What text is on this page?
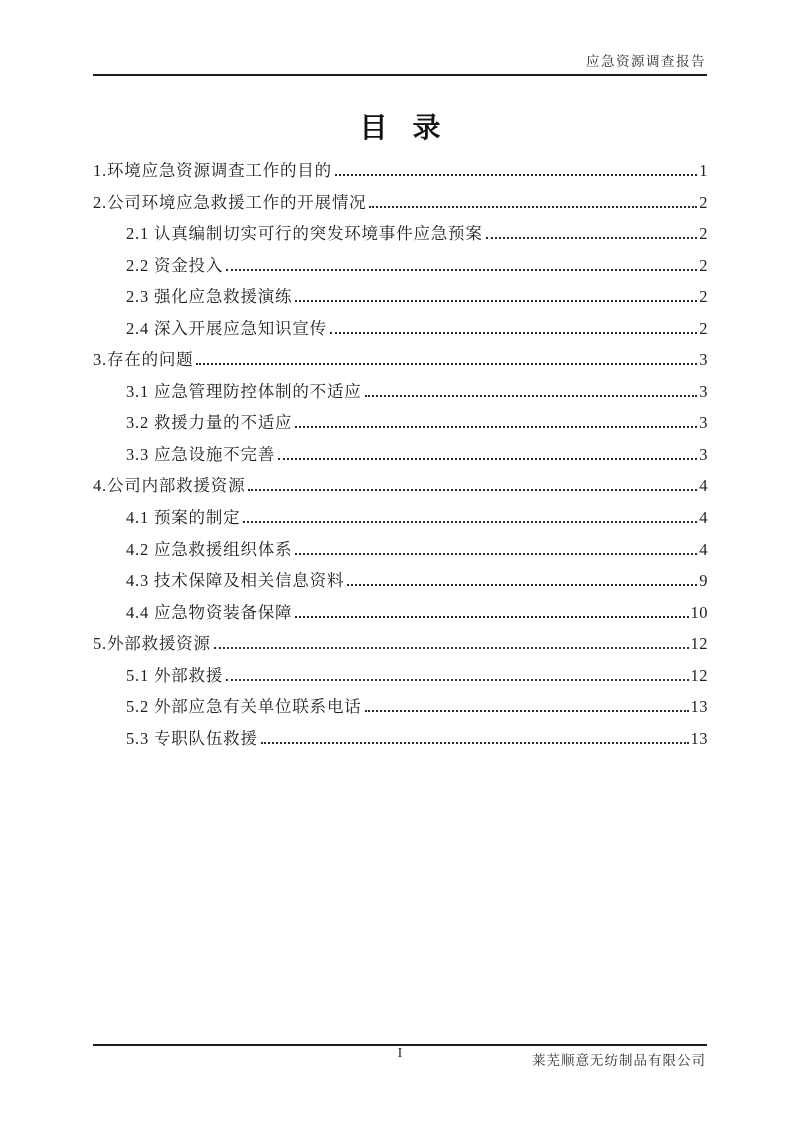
应急资源调查报告
目 录
1.环境应急资源调查工作的目的	1
2.公司环境应急救援工作的开展情况	2
2.1 认真编制切实可行的突发环境事件应急预案	2
2.2 资金投入	2
2.3 强化应急救援演练	2
2.4 深入开展应急知识宣传	2
3.存在的问题	3
3.1 应急管理防控体制的不适应	3
3.2 救援力量的不适应	3
3.3 应急设施不完善	3
4.公司内部救援资源	4
4.1 预案的制定	4
4.2 应急救援组织体系	4
4.3 技术保障及相关信息资料	9
4.4 应急物资装备保障	10
5.外部救援资源	12
5.1 外部救援	12
5.2 外部应急有关单位联系电话	13
5.3 专职队伍救援	13
I	莱芜顺意无纺制品有限公司
